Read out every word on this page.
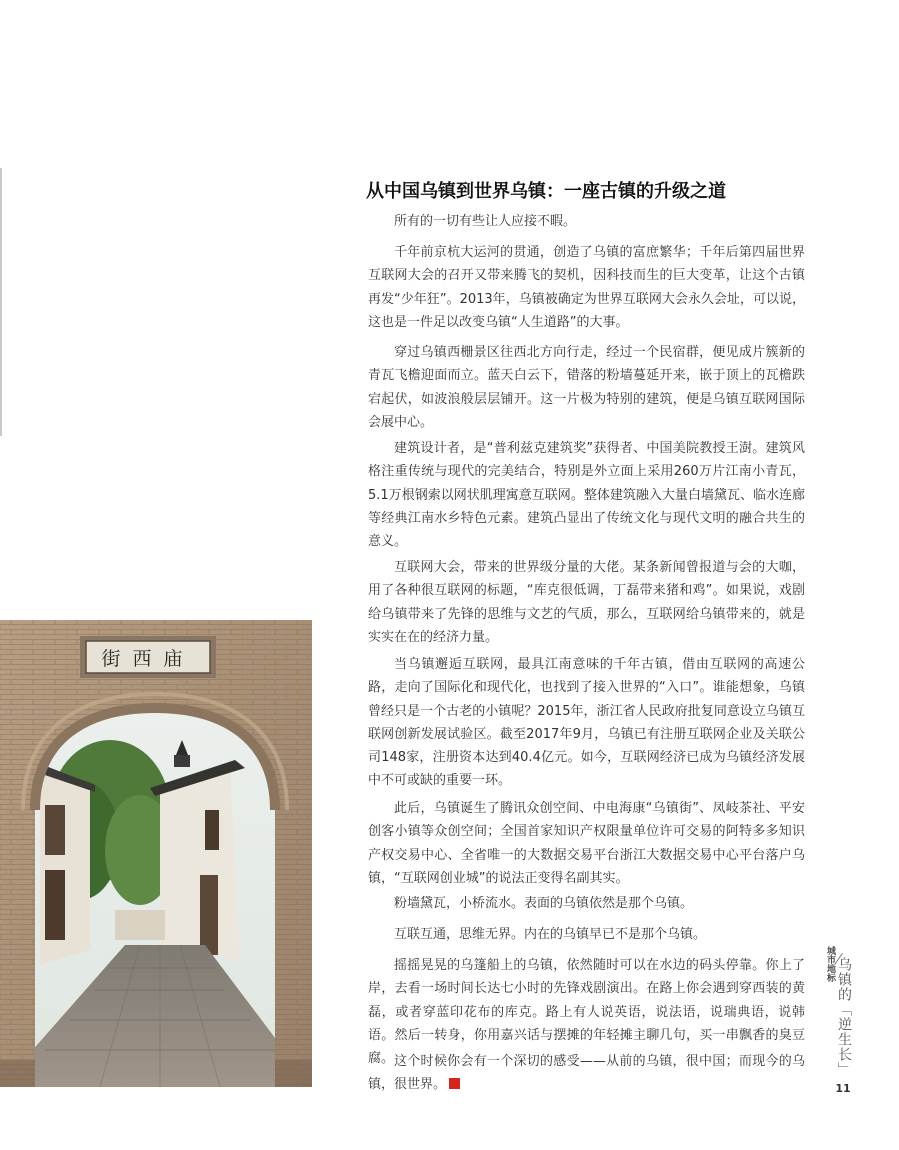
从中国乌镇到世界乌镇：一座古镇的升级之道

所有的一切有些让人应接不暇。

千年前京杭大运河的贯通，创造了乌镇的富庶繁华；千年后第四届世界互联网大会的召开又带来腾飞的契机，因科技而生的巨大变革，让这个古镇再发“少年狂”。2013年，乌镇被确定为世界互联网大会永久会址，可以说，这也是一件足以改变乌镇“人生道路”的大事。

穿过乌镇西栅景区往西北方向行走，经过一个民宿群，便见成片簇新的青瓦飞檐迎面而立。蓝天白云下，错落的粉墙蔓延开来，嵌于顶上的瓦檐跌宕起伏，如波浪般层层铺开。这一片极为特别的建筑，便是乌镇互联网国际会展中心。

建筑设计者，是“普利兹克建筑奖”获得者、中国美院教授王澍。建筑风格注重传统与现代的完美结合，特别是外立面上采用260万片江南小青瓦，5.1万根钢索以网状肌理寓意互联网。整体建筑融入大量白墙黛瓦、临水连廊等经典江南水乡特色元素。建筑凸显出了传统文化与现代文明的融合共生的意义。

互联网大会，带来的世界级分量的大佬。某条新闻曾报道与会的大咖，用了各种很互联网的标题，“库克很低调，丁磊带来猪和鸡”。如果说，戏剧给乌镇带来了先锋的思维与文艺的气质，那么，互联网给乌镇带来的，就是实实在在的经济力量。

当乌镇邂逅互联网，最具江南意味的千年古镇，借由互联网的高速公路，走向了国际化和现代化，也找到了接入世界的“入口”。谁能想象，乌镇曾经只是一个古老的小镇呢？2015年，浙江省人民政府批复同意设立乌镇互联网创新发展试验区。截至2017年9月，乌镇已有注册互联网企业及关联公司148家，注册资本达到40.4亿元。如今，互联网经济已成为乌镇经济发展中不可或缺的重要一环。

此后，乌镇诞生了腾讯众创空间、中电海康“乌镇街”、凤岐茶社、平安创客小镇等众创空间；全国首家知识产权限量单位许可交易的阿特多多知识产权交易中心、全省唯一的大数据交易平台浙江大数据交易中心平台落户乌镇，“互联网创业城”的说法正变得名副其实。

粉墙黛瓦，小桥流水。表面的乌镇依然是那个乌镇。

互联互通，思维无界。内在的乌镇早已不是那个乌镇。

摇摇晃晃的乌篷船上的乌镇，依然随时可以在水边的码头停靠。你上了岸，去看一场时间长达七小时的先锋戏剧演出。在路上你会遇到穿西装的黄磊，或者穿蓝印花布的库克。路上有人说英语，说法语，说瑞典语，说韩语。然后一转身，你用嘉兴话与摆摊的年轻摊主聊几句，买一串飘香的臭豆腐。 这个时候你会有一个深切的感受——从前的乌镇，很中国；而现今的乌镇，很世界。

街西庙
城市地标 乌镇的「逆生长」
11
